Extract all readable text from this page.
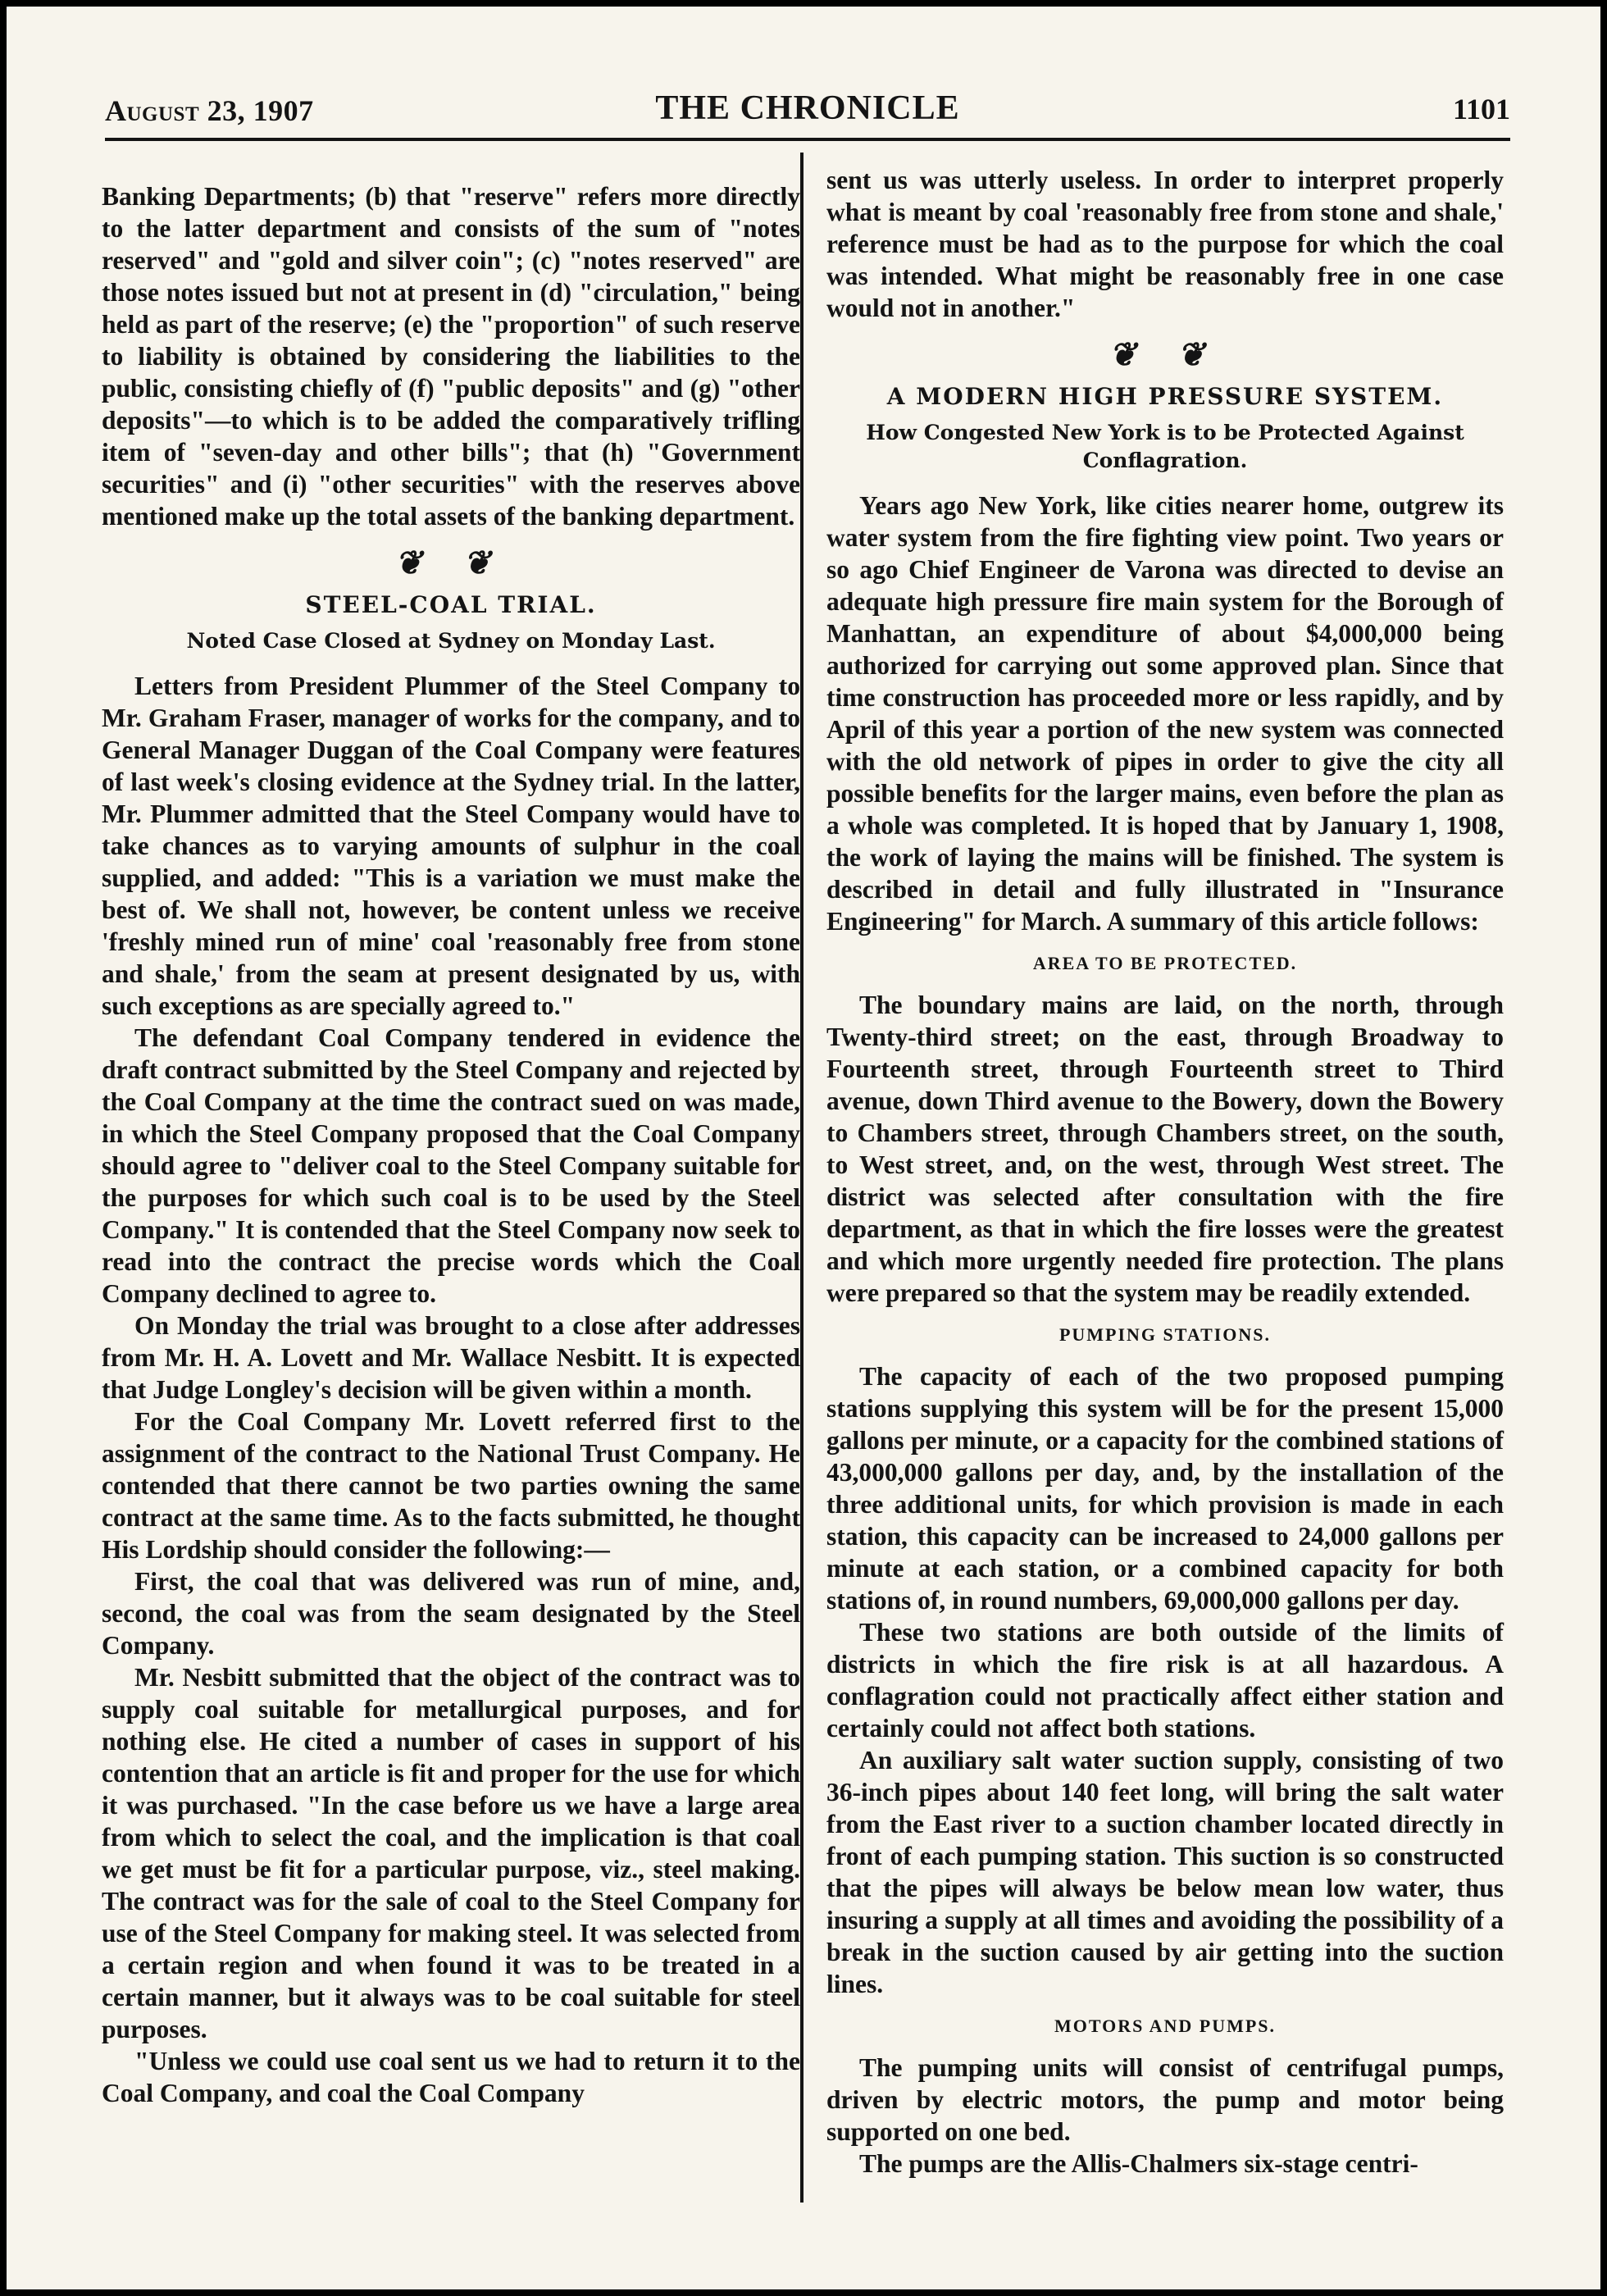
August 23, 1907	THE CHRONICLE	1101

Banking Departments; (b) that "reserve" refers more directly to the latter department and consists of the sum of "notes reserved" and "gold and silver coin"; (c) "notes reserved" are those notes issued but not at present in (d) "circulation," being held as part of the reserve; (e) the "proportion" of such reserve to liability is obtained by considering the liabilities to the public, consisting chiefly of (f) "public deposits" and (g) "other deposits"—to which is to be added the comparatively trifling item of "seven-day and other bills"; that (h) "Government securities" and (i) "other securities" with the reserves above mentioned make up the total assets of the banking department.

❦ ❦
STEEL-COAL TRIAL.
Noted Case Closed at Sydney on Monday Last.

Letters from President Plummer of the Steel Company to Mr. Graham Fraser, manager of works for the company, and to General Manager Duggan of the Coal Company were features of last week's closing evidence at the Sydney trial. In the latter, Mr. Plummer admitted that the Steel Company would have to take chances as to varying amounts of sulphur in the coal supplied, and added: "This is a variation we must make the best of. We shall not, however, be content unless we receive 'freshly mined run of mine' coal 'reasonably free from stone and shale,' from the seam at present designated by us, with such exceptions as are specially agreed to."

The defendant Coal Company tendered in evidence the draft contract submitted by the Steel Company and rejected by the Coal Company at the time the contract sued on was made, in which the Steel Company proposed that the Coal Company should agree to "deliver coal to the Steel Company suitable for the purposes for which such coal is to be used by the Steel Company." It is contended that the Steel Company now seek to read into the contract the precise words which the Coal Company declined to agree to.

On Monday the trial was brought to a close after addresses from Mr. H. A. Lovett and Mr. Wallace Nesbitt. It is expected that Judge Longley's decision will be given within a month.

For the Coal Company Mr. Lovett referred first to the assignment of the contract to the National Trust Company. He contended that there cannot be two parties owning the same contract at the same time. As to the facts submitted, he thought His Lordship should consider the following:—

First, the coal that was delivered was run of mine, and, second, the coal was from the seam designated by the Steel Company.

Mr. Nesbitt submitted that the object of the contract was to supply coal suitable for metallurgical purposes, and for nothing else. He cited a number of cases in support of his contention that an article is fit and proper for the use for which it was purchased. "In the case before us we have a large area from which to select the coal, and the implication is that coal we get must be fit for a particular purpose, viz., steel making. The contract was for the sale of coal to the Steel Company for use of the Steel Company for making steel. It was selected from a certain region and when found it was to be treated in a certain manner, but it always was to be coal suitable for steel purposes.

"Unless we could use coal sent us we had to return it to the Coal Company, and coal the Coal Company

sent us was utterly useless. In order to interpret properly what is meant by coal 'reasonably free from stone and shale,' reference must be had as to the purpose for which the coal was intended. What might be reasonably free in one case would not in another."

❦ ❦
A MODERN HIGH PRESSURE SYSTEM.
How Congested New York is to be Protected Against Conflagration.

Years ago New York, like cities nearer home, outgrew its water system from the fire fighting view point. Two years or so ago Chief Engineer de Varona was directed to devise an adequate high pressure fire main system for the Borough of Manhattan, an expenditure of about $4,000,000 being authorized for carrying out some approved plan. Since that time construction has proceeded more or less rapidly, and by April of this year a portion of the new system was connected with the old network of pipes in order to give the city all possible benefits for the larger mains, even before the plan as a whole was completed. It is hoped that by January 1, 1908, the work of laying the mains will be finished. The system is described in detail and fully illustrated in "Insurance Engineering" for March. A summary of this article follows:

AREA TO BE PROTECTED.

The boundary mains are laid, on the north, through Twenty-third street; on the east, through Broadway to Fourteenth street, through Fourteenth street to Third avenue, down Third avenue to the Bowery, down the Bowery to Chambers street, through Chambers street, on the south, to West street, and, on the west, through West street. The district was selected after consultation with the fire department, as that in which the fire losses were the greatest and which more urgently needed fire protection. The plans were prepared so that the system may be readily extended.

PUMPING STATIONS.

The capacity of each of the two proposed pumping stations supplying this system will be for the present 15,000 gallons per minute, or a capacity for the combined stations of 43,000,000 gallons per day, and, by the installation of the three additional units, for which provision is made in each station, this capacity can be increased to 24,000 gallons per minute at each station, or a combined capacity for both stations of, in round numbers, 69,000,000 gallons per day.

These two stations are both outside of the limits of districts in which the fire risk is at all hazardous. A conflagration could not practically affect either station and certainly could not affect both stations.

An auxiliary salt water suction supply, consisting of two 36-inch pipes about 140 feet long, will bring the salt water from the East river to a suction chamber located directly in front of each pumping station. This suction is so constructed that the pipes will always be below mean low water, thus insuring a supply at all times and avoiding the possibility of a break in the suction caused by air getting into the suction lines.

MOTORS AND PUMPS.

The pumping units will consist of centrifugal pumps, driven by electric motors, the pump and motor being supported on one bed.

The pumps are the Allis-Chalmers six-stage centri-
